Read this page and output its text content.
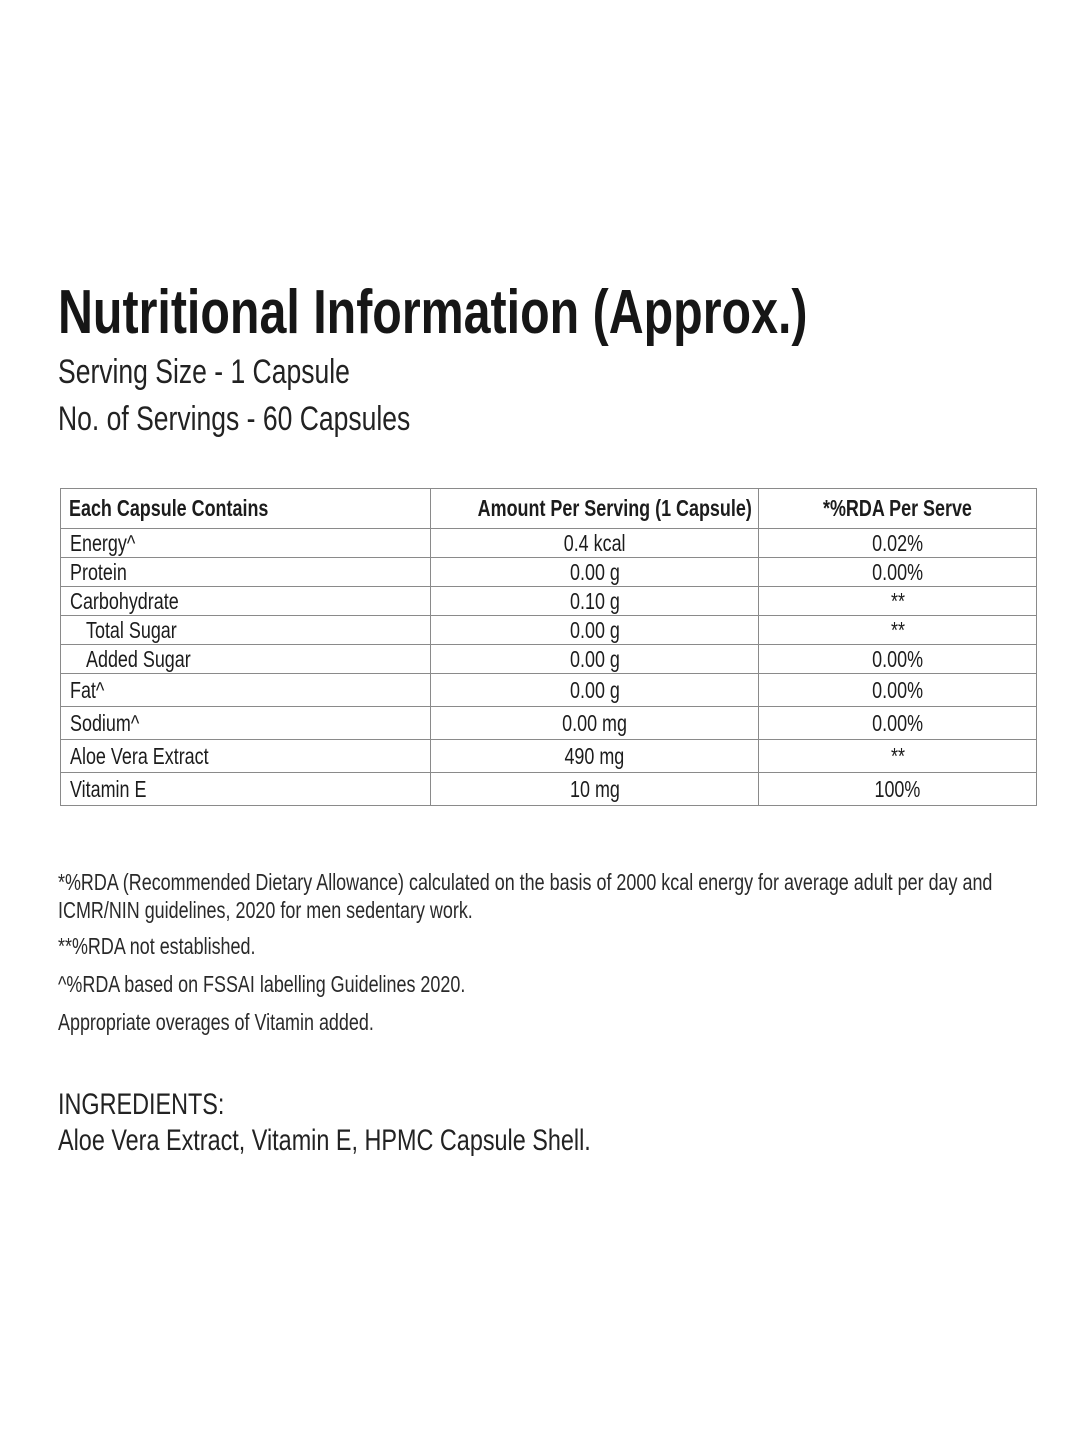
Nutritional Information (Approx.)
Serving Size - 1 Capsule
No. of Servings - 60 Capsules
Each Capsule Contains	Amount Per Serving (1 Capsule)	*%RDA Per Serve
Energy^	0.4 kcal	0.02%
Protein	0.00 g	0.00%
Carbohydrate	0.10 g	**
Total Sugar	0.00 g	**
Added Sugar	0.00 g	0.00%
Fat^	0.00 g	0.00%
Sodium^	0.00 mg	0.00%
Aloe Vera Extract	490 mg	**
Vitamin E	10 mg	100%
*%RDA (Recommended Dietary Allowance) calculated on the basis of 2000 kcal energy for average adult per day and
ICMR/NIN guidelines, 2020 for men sedentary work.
**%RDA not established.
^%RDA based on FSSAI labelling Guidelines 2020.
Appropriate overages of Vitamin added.
INGREDIENTS:
Aloe Vera Extract, Vitamin E, HPMC Capsule Shell.
